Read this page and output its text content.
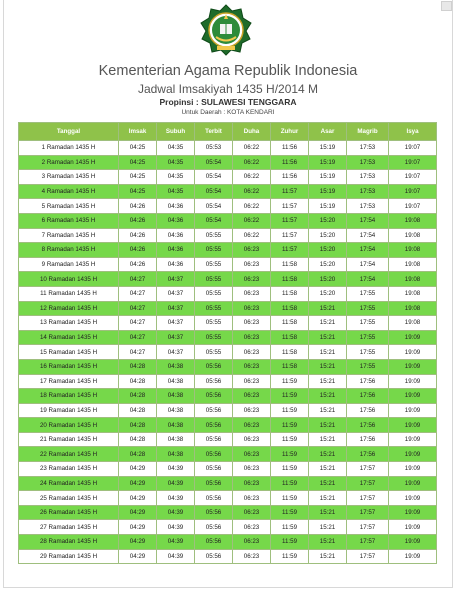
Kementerian Agama Republik Indonesia
Jadwal Imsakiyah 1435 H/2014 M
Propinsi : SULAWESI TENGGARA
Untuk Daerah : KOTA KENDARI
Tanggal	Imsak	Subuh	Terbit	Duha	Zuhur	Asar	Magrib	Isya
1 Ramadan 1435 H	04:25	04:35	05:53	06:22	11:56	15:19	17:53	19:07
2 Ramadan 1435 H	04:25	04:35	05:54	06:22	11:56	15:19	17:53	19:07
3 Ramadan 1435 H	04:25	04:35	05:54	06:22	11:56	15:19	17:53	19:07
4 Ramadan 1435 H	04:25	04:35	05:54	06:22	11:57	15:19	17:53	19:07
5 Ramadan 1435 H	04:26	04:36	05:54	06:22	11:57	15:19	17:53	19:07
6 Ramadan 1435 H	04:26	04:36	05:54	06:22	11:57	15:20	17:54	19:08
7 Ramadan 1435 H	04:26	04:36	05:55	06:22	11:57	15:20	17:54	19:08
8 Ramadan 1435 H	04:26	04:36	05:55	06:23	11:57	15:20	17:54	19:08
9 Ramadan 1435 H	04:26	04:36	05:55	06:23	11:58	15:20	17:54	19:08
10 Ramadan 1435 H	04:27	04:37	05:55	06:23	11:58	15:20	17:54	19:08
11 Ramadan 1435 H	04:27	04:37	05:55	06:23	11:58	15:20	17:55	19:08
12 Ramadan 1435 H	04:27	04:37	05:55	06:23	11:58	15:21	17:55	19:08
13 Ramadan 1435 H	04:27	04:37	05:55	06:23	11:58	15:21	17:55	19:08
14 Ramadan 1435 H	04:27	04:37	05:55	06:23	11:58	15:21	17:55	19:09
15 Ramadan 1435 H	04:27	04:37	05:55	06:23	11:58	15:21	17:55	19:09
16 Ramadan 1435 H	04:28	04:38	05:56	06:23	11:58	15:21	17:55	19:09
17 Ramadan 1435 H	04:28	04:38	05:56	06:23	11:59	15:21	17:56	19:09
18 Ramadan 1435 H	04:28	04:38	05:56	06:23	11:59	15:21	17:56	19:09
19 Ramadan 1435 H	04:28	04:38	05:56	06:23	11:59	15:21	17:56	19:09
20 Ramadan 1435 H	04:28	04:38	05:56	06:23	11:59	15:21	17:56	19:09
21 Ramadan 1435 H	04:28	04:38	05:56	06:23	11:59	15:21	17:56	19:09
22 Ramadan 1435 H	04:28	04:38	05:56	06:23	11:59	15:21	17:56	19:09
23 Ramadan 1435 H	04:29	04:39	05:56	06:23	11:59	15:21	17:57	19:09
24 Ramadan 1435 H	04:29	04:39	05:56	06:23	11:59	15:21	17:57	19:09
25 Ramadan 1435 H	04:29	04:39	05:56	06:23	11:59	15:21	17:57	19:09
26 Ramadan 1435 H	04:29	04:39	05:56	06:23	11:59	15:21	17:57	19:09
27 Ramadan 1435 H	04:29	04:39	05:56	06:23	11:59	15:21	17:57	19:09
28 Ramadan 1435 H	04:29	04:39	05:56	06:23	11:59	15:21	17:57	19:09
29 Ramadan 1435 H	04:29	04:39	05:56	06:23	11:59	15:21	17:57	19:09
